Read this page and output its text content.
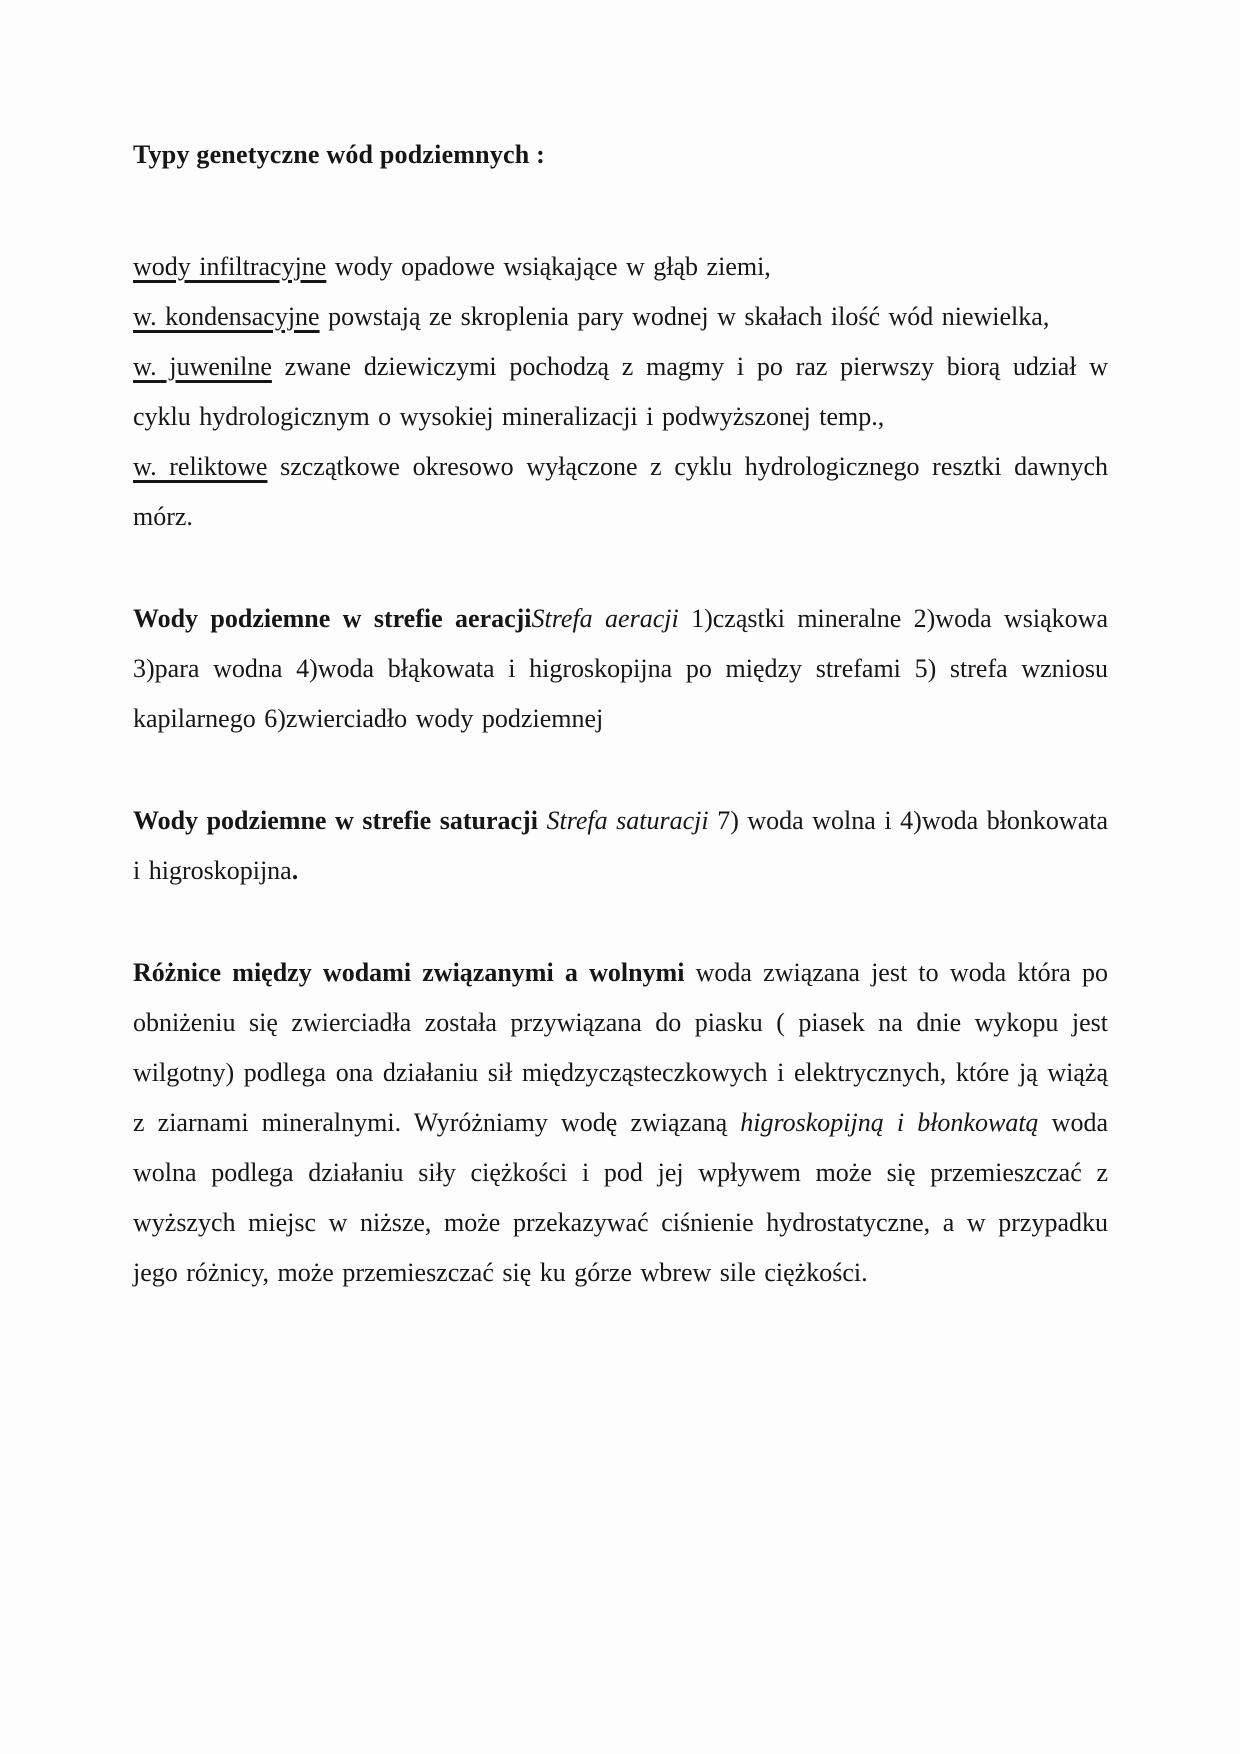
Typy genetyczne wód podziemnych :

wody infiltracyjne wody opadowe wsiąkające w głąb ziemi,

w. kondensacyjne powstają ze skroplenia pary wodnej w skałach ilość wód niewielka,

w. juwenilne zwane dziewiczymi pochodzą z magmy i po raz pierwszy biorą udział w cyklu hydrologicznym o wysokiej mineralizacji i podwyższonej temp.,

w. reliktowe szczątkowe okresowo wyłączone z cyklu hydrologicznego resztki dawnych mórz.

Wody podziemne w strefie aeracjiStrefa aeracji 1)cząstki mineralne 2)woda wsiąkowa 3)para wodna 4)woda błąkowata i higroskopijna po między strefami 5) strefa wzniosu kapilarnego 6)zwierciadło wody podziemnej

Wody podziemne w strefie saturacji Strefa saturacji 7) woda wolna i 4)woda błonkowata i higroskopijna.

Różnice między wodami związanymi a wolnymi woda związana jest to woda która po obniżeniu się zwierciadła została przywiązana do piasku ( piasek na dnie wykopu jest wilgotny) podlega ona działaniu sił międzycząsteczkowych i elektrycznych, które ją wiążą z ziarnami mineralnymi. Wyróżniamy wodę związaną higroskopijną i błonkowatą woda wolna podlega działaniu siły ciężkości i pod jej wpływem może się przemieszczać z wyższych miejsc w niższe, może przekazywać ciśnienie hydrostatyczne, a w przypadku jego różnicy, może przemieszczać się ku górze wbrew sile ciężkości.
